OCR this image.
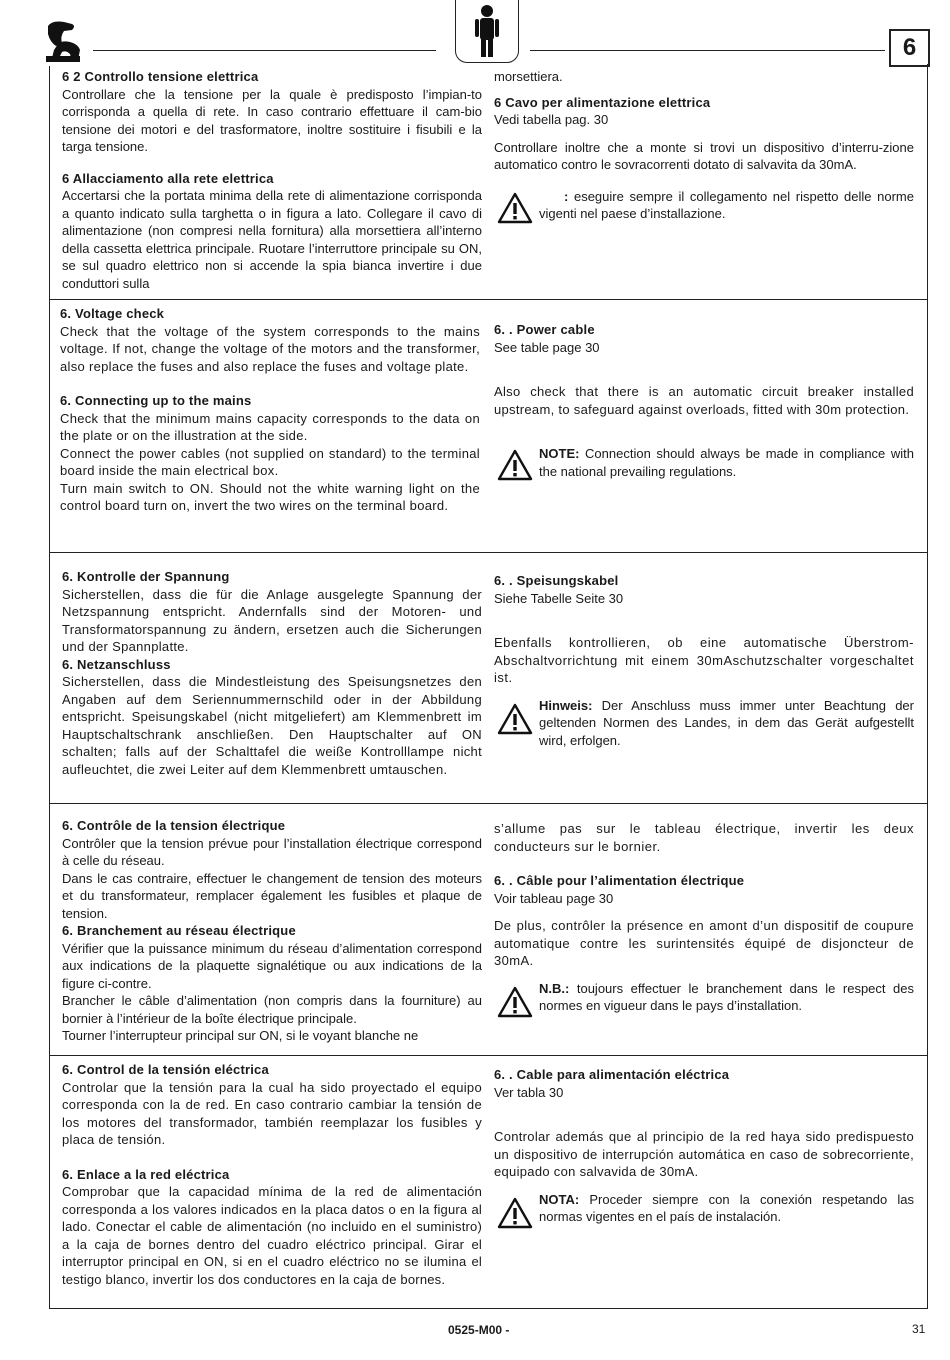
6

6 2 Controllo tensione elettrica

Controllare che la tensione per la quale è predisposto l’impian-to corrisponda a quella di rete. In caso contrario effettuare il cam-bio tensione dei motori e del trasformatore, inoltre sostituire i fisubili e la targa tensione.

6 Allacciamento alla rete elettrica

Accertarsi che la portata minima della rete di alimentazione corrisponda a quanto indicato sulla targhetta o in figura a lato. Collegare il cavo di alimentazione (non compresi nella fornitura) alla morsettiera all’interno della cassetta elettrica principale. Ruotare l’interruttore principale su ON, se sul quadro elettrico non si accende la spia bianca invertire i due conduttori sulla

morsettiera.

6 Cavo per alimentazione elettrica

Vedi tabella pag. 30

Controllare inoltre che a monte si trovi un dispositivo d’interru-zione automatico contro le sovracorrenti dotato di salvavita da 30mA.

: eseguire sempre il collegamento nel rispetto delle norme vigenti nel paese d’installazione.

6. Voltage check

Check that the voltage of the system corresponds to the mains voltage. If not, change the voltage of the motors and the transformer, also replace the fuses and also replace the fuses and voltage plate.

6. Connecting up to the mains

Check that the minimum mains capacity corresponds to the data on the plate or on the illustration at the side.

Connect the power cables (not supplied on standard) to the terminal board inside the main electrical box.

Turn main switch to ON. Should not the white warning light on the control board turn on, invert the two wires on the terminal board.

6. . Power cable

See table page 30

Also check that there is an automatic circuit breaker installed upstream, to safeguard against overloads, fitted with 30m protection.

NOTE: Connection should always be made in compliance with the national prevailing regulations.

6. Kontrolle der Spannung

Sicherstellen, dass die für die Anlage ausgelegte Spannung der Netzspannung entspricht. Andernfalls sind der Motoren- und Transformatorspannung zu ändern, ersetzen auch die Sicherungen und der Spannplatte.

6. Netzanschluss

Sicherstellen, dass die Mindestleistung des Speisungsnetzes den Angaben auf dem Seriennummernschild oder in der Abbildung entspricht. Speisungskabel (nicht mitgeliefert) am Klemmenbrett im Hauptschaltschrank anschließen. Den Hauptschalter auf ON schalten; falls auf der Schalttafel die weiße Kontrolllampe nicht aufleuchtet, die zwei Leiter auf dem Klemmenbrett umtauschen.

6. . Speisungskabel

Siehe Tabelle Seite 30

Ebenfalls kontrollieren, ob eine automatische Überstrom-Abschaltvorrichtung mit einem 30mAschutzschalter vorgeschaltet ist.

Hinweis: Der Anschluss muss immer unter Beachtung der geltenden Normen des Landes, in dem das Gerät aufgestellt wird, erfolgen.

6. Contrôle de la tension électrique

Contrôler que la tension prévue pour l’installation électrique correspond à celle du réseau.

Dans le cas contraire, effectuer le changement de tension des moteurs et du transformateur, remplacer également les fusibles et plaque de tension.

6. Branchement au réseau électrique

Vérifier que la puissance minimum du réseau d’alimentation correspond aux indications de la plaquette signalétique ou aux indications de la figure ci-contre.

Brancher le câble d’alimentation (non compris dans la fourniture) au bornier à l’intérieur de la boîte électrique principale.

Tourner l’interrupteur principal sur ON, si le voyant blanche ne

s’allume pas sur le tableau électrique, invertir les deux conducteurs sur le bornier.

6. . Câble pour l’alimentation électrique

Voir tableau page 30

De plus, contrôler la présence en amont d’un dispositif de coupure automatique contre les surintensités équipé de disjoncteur de 30mA.

N.B.: toujours effectuer le branchement dans le respect des normes en vigueur dans le pays d’installation.

6. Control de la tensión eléctrica

Controlar que la tensión para la cual ha sido proyectado el equipo corresponda con la de red. En caso contrario cambiar la tensión de los motores del transformador, también reemplazar los fusibles y placa de tensión.

6. Enlace a la red eléctrica

Comprobar que la capacidad mínima de la red de alimentación corresponda a los valores indicados en la placa datos o en la figura al lado. Conectar el cable de alimentación (no incluido en el suministro) a la caja de bornes dentro del cuadro eléctrico principal. Girar el interruptor principal en ON, si en el cuadro eléctrico no se ilumina el testigo blanco, invertir los dos conductores en la caja de bornes.

6. . Cable para alimentación eléctrica

Ver tabla 30

Controlar además que al principio de la red haya sido predispuesto un dispositivo de interrupción automática en caso de sobrecorriente, equipado con salvavida de 30mA.

NOTA: Proceder siempre con la conexión respetando las normas vigentes en el país de instalación.

0525-M00 -	31
